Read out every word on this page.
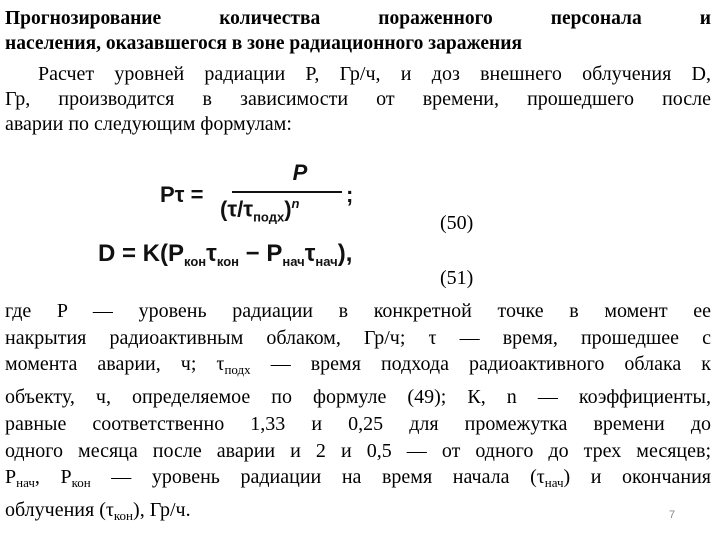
Прогнозирование количества пораженного персонала и
населения, оказавшегося в зоне радиационного заражения
Расчет уровней радиации P, Гр/ч, и доз внешнего облучения D,
Гр, производится в зависимости от времени, прошедшего после
аварии по следующим формулам:
Pτ =
P
$(\tau/\tau_{подх})^n$ ;
(50)
$D = K(P_{кон}\tau_{кон} - P_{нач}\tau_{нач})$,
(51)
где P — уровень радиации в конкретной точке в момент ее
накрытия радиоактивным облаком, Гр/ч; τ — время, прошедшее с
момента аварии, ч; $\tau_{подх}$ — время подхода радиоактивного облака к
объекту, ч, определяемое по формуле (49); К, n — коэффициенты,
равные соответственно 1,33 и 0,25 для промежутка времени до
одного месяца после аварии и 2 и 0,5 — от одного до трех месяцев;
$P_{нач}$, $P_{кон}$ — уровень радиации на время начала $(\tau_{нач})$ и окончания
облучения $(\tau_{кон})$, Гр/ч.	7
